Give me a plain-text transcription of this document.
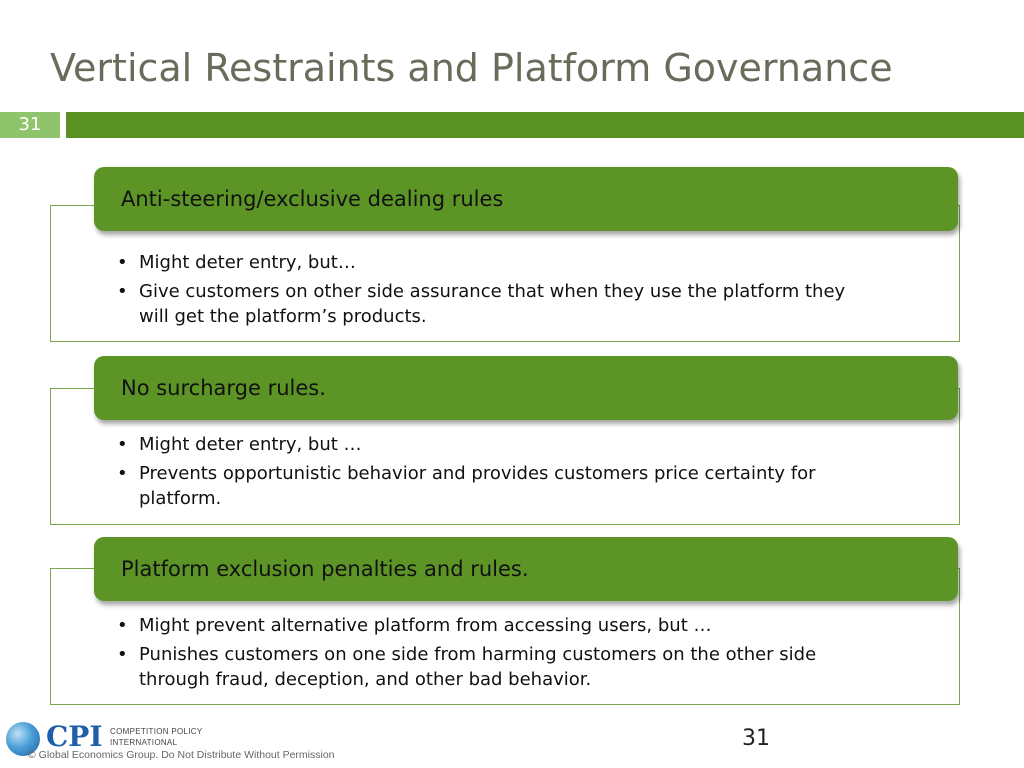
Vertical Restraints and Platform Governance
31
Anti-steering/exclusive dealing rules
• Might deter entry, but…
• Give customers on other side assurance that when they use the platform they will get the platform’s products.
No surcharge rules.
• Might deter entry, but …
• Prevents opportunistic behavior and provides customers price certainty for platform.
Platform exclusion penalties and rules.
• Might prevent alternative platform from accessing users, but …
• Punishes customers on one side from harming customers on the other side through fraud, deception, and other bad behavior.
CPI COMPETITION POLICY
INTERNATIONAL
© Global Economics Group. Do Not Distribute Without Permission
31
